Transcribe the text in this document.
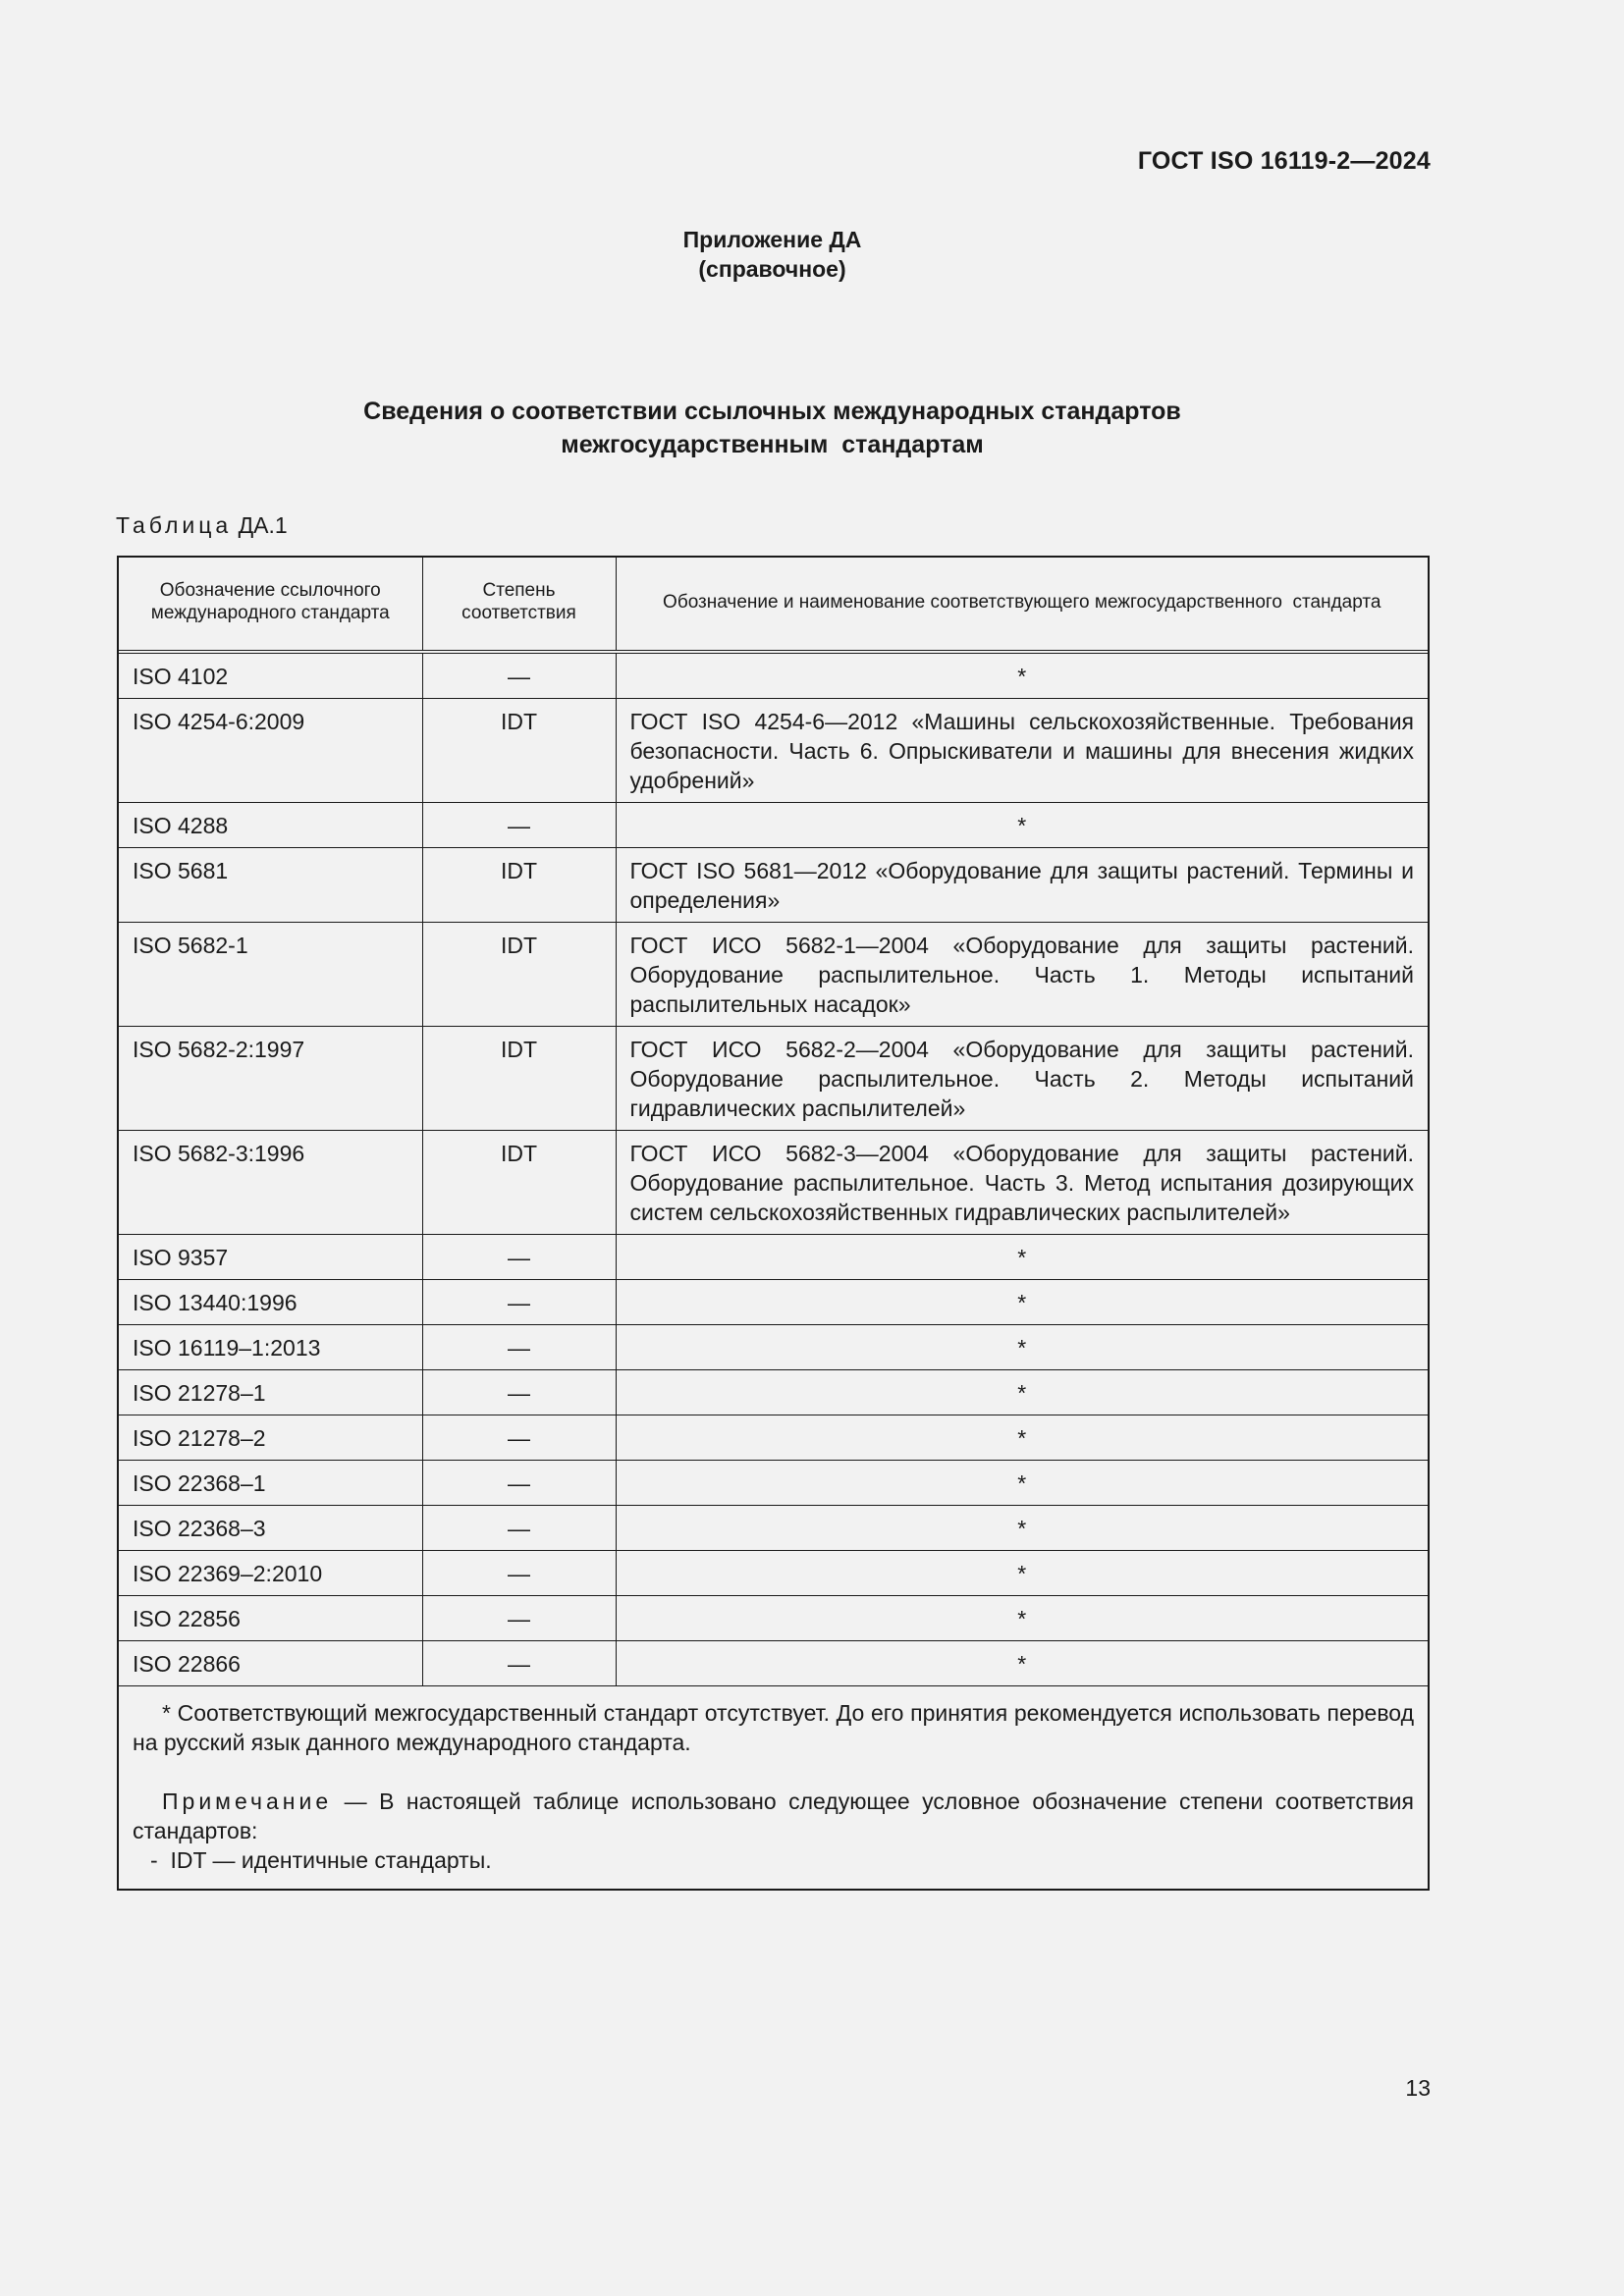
ГОСТ ISO 16119-2—2024
Приложение ДА
(справочное)
Сведения о соответствии ссылочных международных стандартов
межгосударственным  стандартам
Таблица ДА.1
Обозначение ссылочного международного стандарта	Степень соответствия	Обозначение и наименование соответствующего межгосударственного  стандарта
ISO 4102	—	*
ISO 4254-6:2009	IDT	ГОСТ ISO 4254-6—2012 «Машины сельскохозяйственные. Требования безопасности. Часть 6. Опрыскиватели и машины для внесения жидких удобрений»
ISO 4288	—	*
ISO 5681	IDT	ГОСТ ISO 5681—2012 «Оборудование для защиты растений. Термины и определения»
ISO 5682-1	IDT	ГОСТ ИСО 5682-1—2004 «Оборудование для защиты растений. Оборудование распылительное. Часть 1. Методы испытаний распылительных насадок»
ISO 5682-2:1997	IDT	ГОСТ ИСО 5682-2—2004 «Оборудование для защиты растений. Оборудование распылительное. Часть 2. Методы испытаний гидравлических распылителей»
ISO 5682-3:1996	IDT	ГОСТ ИСО 5682-3—2004 «Оборудование для защиты растений. Оборудование распылительное. Часть 3. Метод испытания дозирующих систем сельскохозяйственных гидравлических распылителей»
ISO 9357	—	*
ISO 13440:1996	—	*
ISO 16119–1:2013	—	*
ISO 21278–1	—	*
ISO 21278–2	—	*
ISO 22368–1	—	*
ISO 22368–3	—	*
ISO 22369–2:2010	—	*
ISO 22856	—	*
ISO 22866	—	*

* Соответствующий межгосударственный стандарт отсутствует. До его принятия рекомендуется использовать перевод на русский язык данного международного стандарта.

Примечание — В настоящей таблице использовано следующее условное обозначение степени соответствия стандартов:

-  IDT — идентичные стандарты.		

13
